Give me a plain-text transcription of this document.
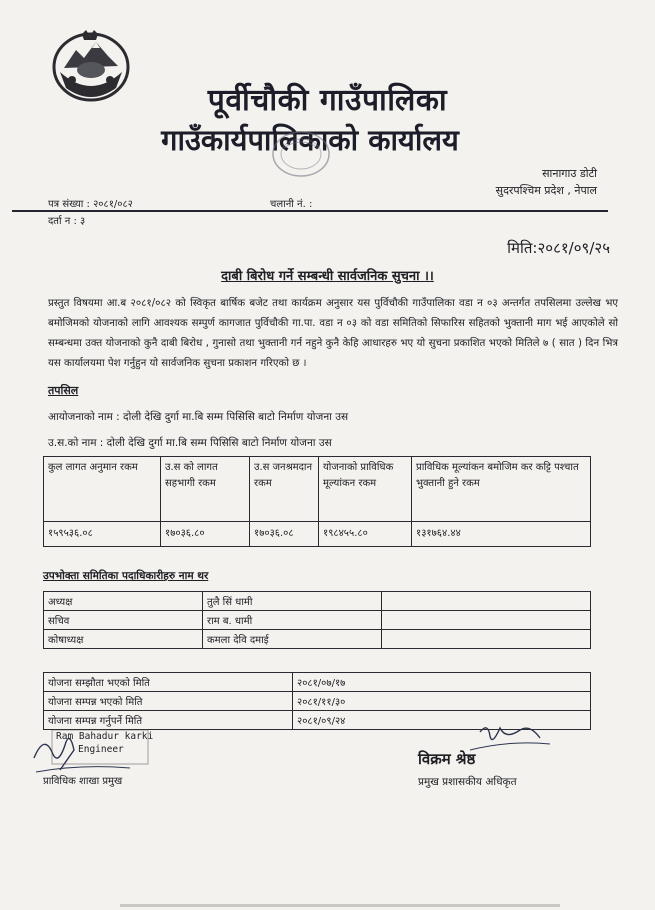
पूर्वीचौकी गाउँपालिका
गाउँकार्यपालिकाको कार्यालय
सानागाउ डोटी
सुदरपश्चिम प्रदेश , नेपाल
पत्र संख्या : २०८१/०८२	चलानी नं. :
दर्ता न : ३
मिति:२०८१/०९/२५
दाबी बिरोध गर्ने सम्बन्धी सार्वजनिक सुचना ।।
प्रस्तुत विषयमा आ.ब २०८१/०८२ को स्विकृत बार्षिक बजेट तथा कार्यक्रम अनुसार यस पुर्विचौकी गाउँपालिका वडा न ०३ अन्तर्गत तपसिलमा उल्लेख भए बमोजिमको योजनाको लागि आवश्यक सम्पुर्ण कागजात पुर्विचौकी गा.पा. वडा न ०३ को वडा समितिको सिफारिस सहितको भुक्तानी माग भई आएकोले सो सम्बन्धमा उक्त योजनाको कुनै दाबी बिरोध , गुनासो तथा भुक्तानी गर्न नहुने कुनै केहि आधारहरु भए यो सुचना प्रकाशित भएको मितिले ७ ( सात ) दिन भित्र यस कार्यालयमा पेश गर्नुहुन यो सार्वजनिक सुचना प्रकाशन गरिएको छ ।
तपसिल
आयोजनाको नाम : दोली देखि दुर्गा मा.बि सम्म पिसिसि बाटो निर्माण योजना उस
उ.स.को नाम : दोली देखि दुर्गा मा.बि सम्म पिसिसि बाटो निर्माण योजना उस
कुल लागत अनुमान रकम	उ.स को लागत सहभागी रकम	उ.स जनश्रमदान रकम	योजनाको प्राविधिक मूल्यांकन रकम	प्राविधिक मूल्यांकन बमोजिम कर कट्टि पश्चात भुक्तानी हुने रकम
१५९५३६.०८	१७०३६.८०	१७०३६.०८	१९८४५५.८०	१३१७६४.४४
उपभोक्ता समितिका पदाधिकारीहरु नाम थर
अध्यक्ष	तुलै सिं धामी	
सचिव	राम ब. धामी	
कोषाध्यक्ष	कमला देवि दमाई	
योजना सम्झौता भएको मिति	२०८१/०७/१७
योजना सम्पन्न भएको मिति	२०८१/११/३०
योजना सम्पन्न गर्नुपर्ने मिति	२०८१/०९/२४
Ram Bahadur karki
Engineer
प्राविधिक शाखा प्रमुख
विक्रम श्रेष्ठ
प्रमुख प्रशासकीय अधिकृत
